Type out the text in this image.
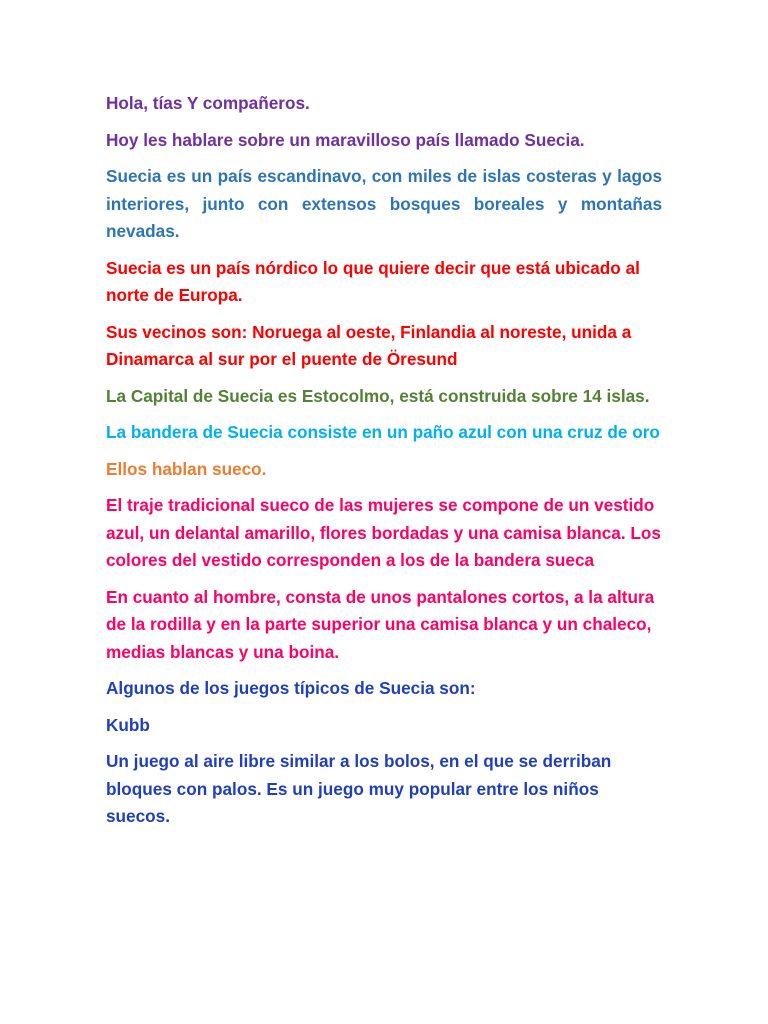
Hola, tías Y compañeros.

Hoy les hablare sobre un maravilloso país llamado Suecia.

Suecia es un país escandinavo, con miles de islas costeras y lagos interiores, junto con extensos bosques boreales y montañas nevadas.

Suecia es un país nórdico lo que quiere decir que está ubicado al norte de Europa.

Sus vecinos son: Noruega al oeste, Finlandia al noreste, unida a Dinamarca al sur por el puente de Öresund

La Capital de Suecia es Estocolmo, está construida sobre 14 islas.

La bandera de Suecia consiste en un paño azul con una cruz de oro

Ellos hablan sueco.

El traje tradicional sueco de las mujeres se compone de un vestido azul, un delantal amarillo, flores bordadas y una camisa blanca. Los colores del vestido corresponden a los de la bandera sueca

En cuanto al hombre, consta de unos pantalones cortos, a la altura de la rodilla y en la parte superior una camisa blanca y un chaleco, medias blancas y una boina.

Algunos de los juegos típicos de Suecia son:

Kubb

Un juego al aire libre similar a los bolos, en el que se derriban bloques con palos. Es un juego muy popular entre los niños suecos.
